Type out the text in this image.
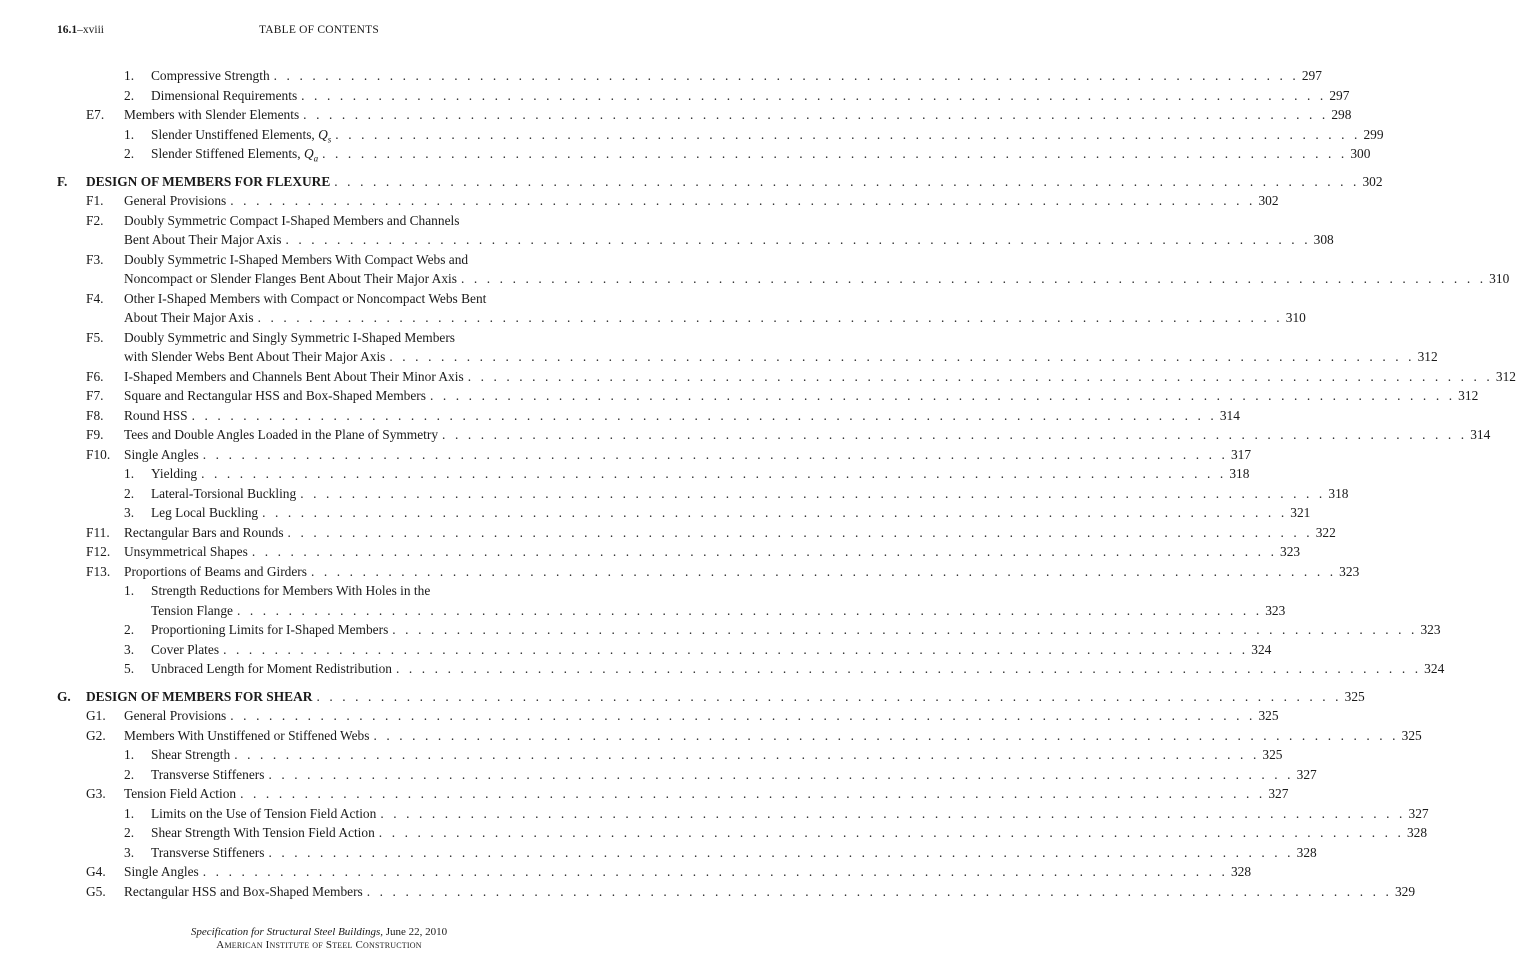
16.1–xviii	TABLE OF CONTENTS
1. Compressive Strength . . . . . . . . . . . . . . . . . . . . . . . . . . . . . . . . . . . . . . . . . . . . . . . . . . . . . . . . . . . . . . . . . . . . . . . . . . . . . . . . 297
2. Dimensional Requirements . . . . . . . . . . . . . . . . . . . . . . . . . . . . . . . . . . . . . . . . . . . . . . . . . . . . . . . . . . . . . . . . . . . . . . . . . . . . . . . . 297
E7. Members with Slender Elements . . . . . . . . . . . . . . . . . . . . . . . . . . . . . . . . . . . . . . . . . . . . . . . . . . . . . . . . . . . . . . . . . . . . . . . . . . . . . . . . 298
1. Slender Unstiffened Elements, $Q_s$ . . . . . . . . . . . . . . . . . . . . . . . . . . . . . . . . . . . . . . . . . . . . . . . . . . . . . . . . . . . . . . . . . . . . . . . . . . . . . . . . 299
2. Slender Stiffened Elements, $Q_a$ . . . . . . . . . . . . . . . . . . . . . . . . . . . . . . . . . . . . . . . . . . . . . . . . . . . . . . . . . . . . . . . . . . . . . . . . . . . . . . . . 300
F. DESIGN OF MEMBERS FOR FLEXURE . . . . . . . . . . . . . . . . . . . . . . . . . . . . . . . . . . . . . . . . . . . . . . . . . . . . . . . . . . . . . . . . . . . . . . . . . . . . . . . . 302
F1. General Provisions . . . . . . . . . . . . . . . . . . . . . . . . . . . . . . . . . . . . . . . . . . . . . . . . . . . . . . . . . . . . . . . . . . . . . . . . . . . . . . . . 302
F2. Doubly Symmetric Compact I-Shaped Members and Channels
Bent About Their Major Axis . . . . . . . . . . . . . . . . . . . . . . . . . . . . . . . . . . . . . . . . . . . . . . . . . . . . . . . . . . . . . . . . . . . . . . . . . . . . . . . . 308
F3. Doubly Symmetric I-Shaped Members With Compact Webs and
Noncompact or Slender Flanges Bent About Their Major Axis . . . . . . . . . . . . . . . . . . . . . . . . . . . . . . . . . . . . . . . . . . . . . . . . . . . . . . . . . . . . . . . . . . . . . . . . . . . . . . . . 310
F4. Other I-Shaped Members with Compact or Noncompact Webs Bent
About Their Major Axis . . . . . . . . . . . . . . . . . . . . . . . . . . . . . . . . . . . . . . . . . . . . . . . . . . . . . . . . . . . . . . . . . . . . . . . . . . . . . . . . 310
F5. Doubly Symmetric and Singly Symmetric I-Shaped Members
with Slender Webs Bent About Their Major Axis . . . . . . . . . . . . . . . . . . . . . . . . . . . . . . . . . . . . . . . . . . . . . . . . . . . . . . . . . . . . . . . . . . . . . . . . . . . . . . . . 312
F6. I-Shaped Members and Channels Bent About Their Minor Axis . . . . . . . . . . . . . . . . . . . . . . . . . . . . . . . . . . . . . . . . . . . . . . . . . . . . . . . . . . . . . . . . . . . . . . . . . . . . . . . . 312
F7. Square and Rectangular HSS and Box-Shaped Members . . . . . . . . . . . . . . . . . . . . . . . . . . . . . . . . . . . . . . . . . . . . . . . . . . . . . . . . . . . . . . . . . . . . . . . . . . . . . . . . 312
F8. Round HSS . . . . . . . . . . . . . . . . . . . . . . . . . . . . . . . . . . . . . . . . . . . . . . . . . . . . . . . . . . . . . . . . . . . . . . . . . . . . . . . . 314
F9. Tees and Double Angles Loaded in the Plane of Symmetry . . . . . . . . . . . . . . . . . . . . . . . . . . . . . . . . . . . . . . . . . . . . . . . . . . . . . . . . . . . . . . . . . . . . . . . . . . . . . . . . 314
F10. Single Angles . . . . . . . . . . . . . . . . . . . . . . . . . . . . . . . . . . . . . . . . . . . . . . . . . . . . . . . . . . . . . . . . . . . . . . . . . . . . . . . . 317
1. Yielding . . . . . . . . . . . . . . . . . . . . . . . . . . . . . . . . . . . . . . . . . . . . . . . . . . . . . . . . . . . . . . . . . . . . . . . . . . . . . . . . 318
2. Lateral-Torsional Buckling . . . . . . . . . . . . . . . . . . . . . . . . . . . . . . . . . . . . . . . . . . . . . . . . . . . . . . . . . . . . . . . . . . . . . . . . . . . . . . . . 318
3. Leg Local Buckling . . . . . . . . . . . . . . . . . . . . . . . . . . . . . . . . . . . . . . . . . . . . . . . . . . . . . . . . . . . . . . . . . . . . . . . . . . . . . . . . 321
F11. Rectangular Bars and Rounds . . . . . . . . . . . . . . . . . . . . . . . . . . . . . . . . . . . . . . . . . . . . . . . . . . . . . . . . . . . . . . . . . . . . . . . . . . . . . . . . 322
F12. Unsymmetrical Shapes . . . . . . . . . . . . . . . . . . . . . . . . . . . . . . . . . . . . . . . . . . . . . . . . . . . . . . . . . . . . . . . . . . . . . . . . . . . . . . . . 323
F13. Proportions of Beams and Girders . . . . . . . . . . . . . . . . . . . . . . . . . . . . . . . . . . . . . . . . . . . . . . . . . . . . . . . . . . . . . . . . . . . . . . . . . . . . . . . . 323
1. Strength Reductions for Members With Holes in the
Tension Flange . . . . . . . . . . . . . . . . . . . . . . . . . . . . . . . . . . . . . . . . . . . . . . . . . . . . . . . . . . . . . . . . . . . . . . . . . . . . . . . . 323
2. Proportioning Limits for I-Shaped Members . . . . . . . . . . . . . . . . . . . . . . . . . . . . . . . . . . . . . . . . . . . . . . . . . . . . . . . . . . . . . . . . . . . . . . . . . . . . . . . . 323
3. Cover Plates . . . . . . . . . . . . . . . . . . . . . . . . . . . . . . . . . . . . . . . . . . . . . . . . . . . . . . . . . . . . . . . . . . . . . . . . . . . . . . . . 324
5. Unbraced Length for Moment Redistribution . . . . . . . . . . . . . . . . . . . . . . . . . . . . . . . . . . . . . . . . . . . . . . . . . . . . . . . . . . . . . . . . . . . . . . . . . . . . . . . . 324
G. DESIGN OF MEMBERS FOR SHEAR . . . . . . . . . . . . . . . . . . . . . . . . . . . . . . . . . . . . . . . . . . . . . . . . . . . . . . . . . . . . . . . . . . . . . . . . . . . . . . . . 325
G1. General Provisions . . . . . . . . . . . . . . . . . . . . . . . . . . . . . . . . . . . . . . . . . . . . . . . . . . . . . . . . . . . . . . . . . . . . . . . . . . . . . . . . 325
G2. Members With Unstiffened or Stiffened Webs . . . . . . . . . . . . . . . . . . . . . . . . . . . . . . . . . . . . . . . . . . . . . . . . . . . . . . . . . . . . . . . . . . . . . . . . . . . . . . . . 325
1. Shear Strength . . . . . . . . . . . . . . . . . . . . . . . . . . . . . . . . . . . . . . . . . . . . . . . . . . . . . . . . . . . . . . . . . . . . . . . . . . . . . . . . 325
2. Transverse Stiffeners . . . . . . . . . . . . . . . . . . . . . . . . . . . . . . . . . . . . . . . . . . . . . . . . . . . . . . . . . . . . . . . . . . . . . . . . . . . . . . . . 327
G3. Tension Field Action . . . . . . . . . . . . . . . . . . . . . . . . . . . . . . . . . . . . . . . . . . . . . . . . . . . . . . . . . . . . . . . . . . . . . . . . . . . . . . . . 327
1. Limits on the Use of Tension Field Action . . . . . . . . . . . . . . . . . . . . . . . . . . . . . . . . . . . . . . . . . . . . . . . . . . . . . . . . . . . . . . . . . . . . . . . . . . . . . . . . 327
2. Shear Strength With Tension Field Action . . . . . . . . . . . . . . . . . . . . . . . . . . . . . . . . . . . . . . . . . . . . . . . . . . . . . . . . . . . . . . . . . . . . . . . . . . . . . . . . 328
3. Transverse Stiffeners . . . . . . . . . . . . . . . . . . . . . . . . . . . . . . . . . . . . . . . . . . . . . . . . . . . . . . . . . . . . . . . . . . . . . . . . . . . . . . . . 328
G4. Single Angles . . . . . . . . . . . . . . . . . . . . . . . . . . . . . . . . . . . . . . . . . . . . . . . . . . . . . . . . . . . . . . . . . . . . . . . . . . . . . . . . 328
G5. Rectangular HSS and Box-Shaped Members . . . . . . . . . . . . . . . . . . . . . . . . . . . . . . . . . . . . . . . . . . . . . . . . . . . . . . . . . . . . . . . . . . . . . . . . . . . . . . . . 329
Specification for Structural Steel Buildings, June 22, 2010
American Institute of Steel Construction
